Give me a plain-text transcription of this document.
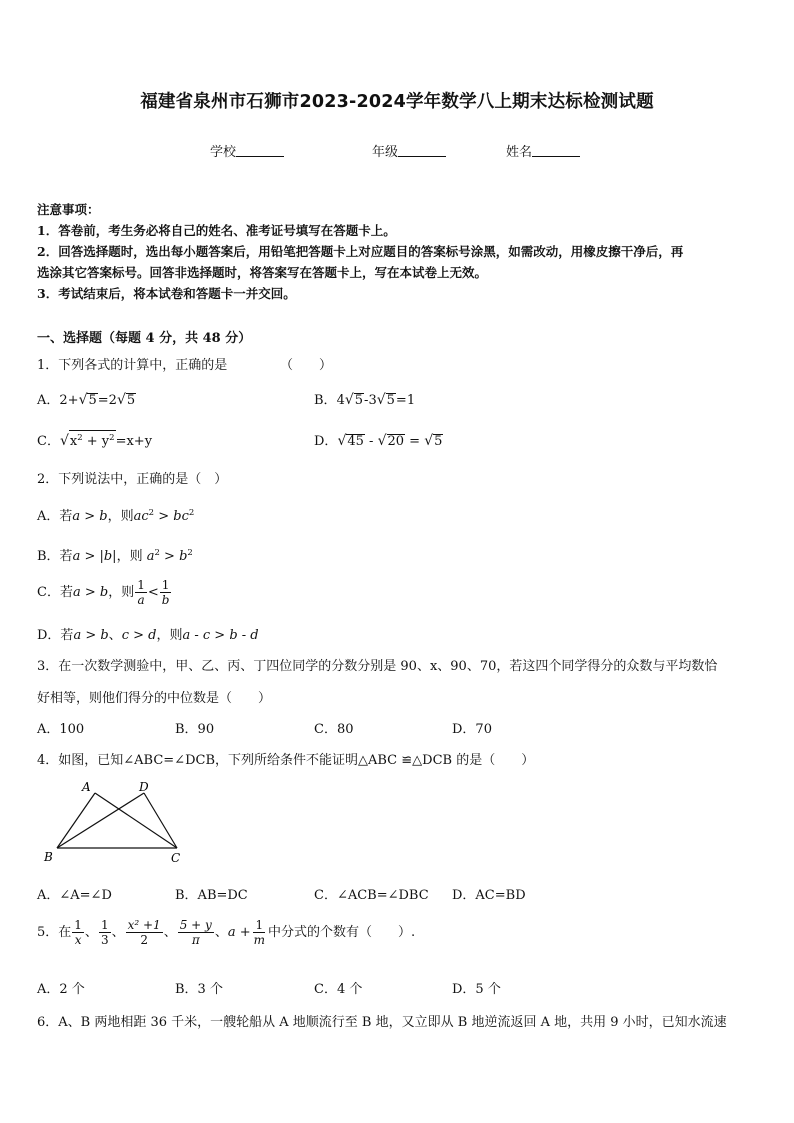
福建省泉州市石狮市2023-2024学年数学八上期末达标检测试题
学校	年级	姓名
注意事项：
1．答卷前，考生务必将自己的姓名、准考证号填写在答题卡上。
2．回答选择题时，选出每小题答案后，用铅笔把答题卡上对应题目的答案标号涂黑，如需改动，用橡皮擦干净后，再
选涂其它答案标号。回答非选择题时，将答案写在答题卡上，写在本试卷上无效。
3．考试结束后，将本试卷和答题卡一并交回。
一、选择题（每题 4 分，共 48 分）
1．下列各式的计算中，正确的是	（　　）
A．2+√5=2√5	B．4√5-3√5=1
C．$√x^2 + y^2=x+y$	D．√45 - √20 = √5
2．下列说法中，正确的是（　）
A．若a > b，则$ac^2 > bc^2$
B．若a > |b|，则 $a^2 > b^2$
C．若a > b，则 $\frac{1}{a} < \frac{1}{b}$
D．若a > b、c > d，则a - c > b - d
3．在一次数学测验中，甲、乙、丙、丁四位同学的分数分别是 90、x、90、70，若这四个同学得分的众数与平均数恰
好相等，则他们得分的中位数是（　　）
A．100	B．90	C．80	D．70
4．如图，已知∠ABC=∠DCB，下列所给条件不能证明△ABC ≌△DCB 的是（　　）
A	D
B	C
A．∠A=∠D	B．AB=DC	C．∠ACB=∠DBC D．AC=BD
5．在 $\frac{1}{x}$ 、 $\frac{1}{3}$ 、 $\frac{\text{x² +1}}{2}$ 、 $\frac{5 + y}{\pi}$ 、$a + \frac{1}{m}$ 中分式的个数有（　　）.
A．2 个	B．3 个	C．4 个	D．5 个
6．A、B 两地相距 36 千米，一艘轮船从 A 地顺流行至 B 地，又立即从 B 地逆流返回 A 地，共用 9 小时，已知水流速
